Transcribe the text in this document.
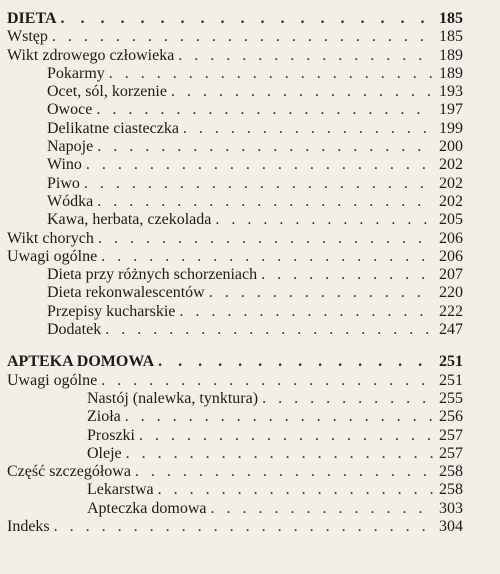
DIETA . . .	185
Wstęp . . .	185
Wikt zdrowego człowieka . . .	189
Pokarmy . . .	189
Ocet, sól, korzenie . . .	193
Owoce . . .	197
Delikatne ciasteczka . . .	199
Napoje . . .	200
Wino . . .	202
Piwo . . .	202
Wódka . . .	202
Kawa, herbata, czekolada . . .	205
Wikt chorych . . .	206
Uwagi ogólne . . .	206
Dieta przy różnych schorzeniach . . .	207
Dieta rekonwalescentów . . .	220
Przepisy kucharskie . . .	222
Dodatek . . .	247
APTEKA DOMOWA . . .	251
Uwagi ogólne . . .	251
Nastój (nalewka, tynktura) . . .	255
Zioła . . .	256
Proszki . . .	257
Oleje . . .	257
Część szczegółowa . . .	258
Lekarstwa . . .	258
Apteczka domowa . . .	303
Indeks . . .	304
